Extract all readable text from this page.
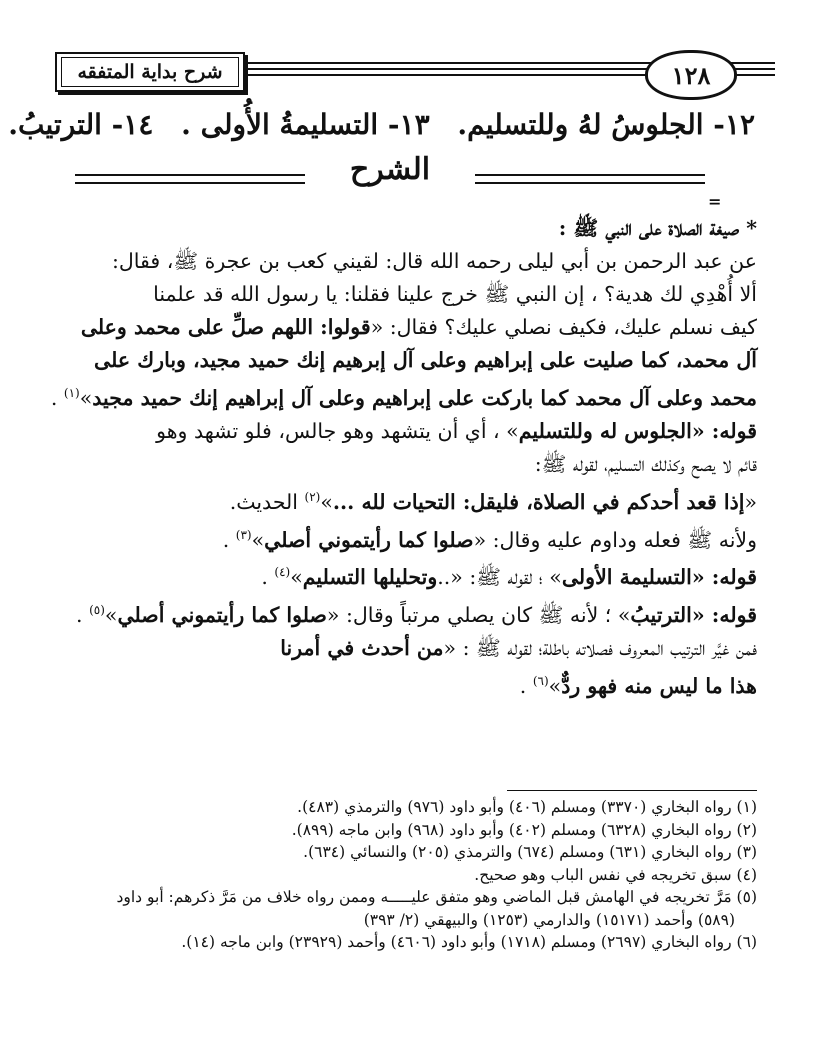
١٢٨
شرح بداية المتفقه
١٢- الجلوسُ لهُ وللتسليم. ١٣- التسليمةُ الأُولى . ١٤- الترتيبُ.
الشرح
=

* صيغة الصلاة على النبي ﷺ :

عن عبد الرحمن بن أبي ليلى رحمه الله قال: لقيني كعب بن عجرة ﷺ، فقال:

ألا أُهْدِي لك هدية؟ ، إن النبي ﷺ خرج علينا فقلنا: يا رسول الله قد علمنا

كيف نسلم عليك، فكيف نصلي عليك؟ فقال: «قولوا: اللهم صلِّ على محمد وعلى

آل محمد، كما صليت على إبراهيم وعلى آل إبرهيم إنك حميد مجيد، وبارك على

محمد وعلى آل محمد كما باركت على إبراهيم وعلى آل إبراهيم إنك حميد مجيد»$^{(١)}$ .

قوله: «الجلوس له وللتسليم» ، أي أن يتشهد وهو جالس، فلو تشهد وهو

قائم لا يصح وكذلك التسليم، لقوله ﷺ:

«إذا قعد أحدكم في الصلاة، فليقل: التحيات لله ...»$^{(٢)}$ الحديث.

ولأنه ﷺ فعله وداوم عليه وقال: «صلوا كما رأيتموني أصلي»$^{(٣)}$ .

قوله: «التسليمة الأولى» ؛ لقوله ﷺ: «..وتحليلها التسليم»$^{(٤)}$ .

قوله: «الترتيبُ» ؛ لأنه ﷺ كان يصلي مرتباً وقال: «صلوا كما رأيتموني أصلي»$^{(٥)}$ .

فمن غيَّر الترتيب المعروف فصلاته باطلة؛ لقوله ﷺ : «من أحدث في أمرنا

هذا ما ليس منه فهو ردٌّ»$^{(٦)}$ .

(١) رواه البخاري (٣٣٧٠) ومسلم (٤٠٦) وأبو داود (٩٧٦) والترمذي (٤٨٣).

(٢) رواه البخاري (٦٣٢٨) ومسلم (٤٠٢) وأبو داود (٩٦٨) وابن ماجه (٨٩٩).

(٣) رواه البخاري (٦٣١) ومسلم (٦٧٤) والترمذي (٢٠٥) والنسائي (٦٣٤).

(٤) سبق تخريجه في نفس الباب وهو صحيح.

(٥) مَرَّ تخريجه في الهامش قبل الماضي وهو متفق عليـــــه وممن رواه خلاف من مَرَّ ذكرهم: أبو داود

(٥٨٩) وأحمد (١٥١٧١) والدارمي (١٢٥٣) والبيهقي (٢/ ٣٩٣)

(٦) رواه البخاري (٢٦٩٧) ومسلم (١٧١٨) وأبو داود (٤٦٠٦) وأحمد (٢٣٩٢٩) وابن ماجه (١٤).
